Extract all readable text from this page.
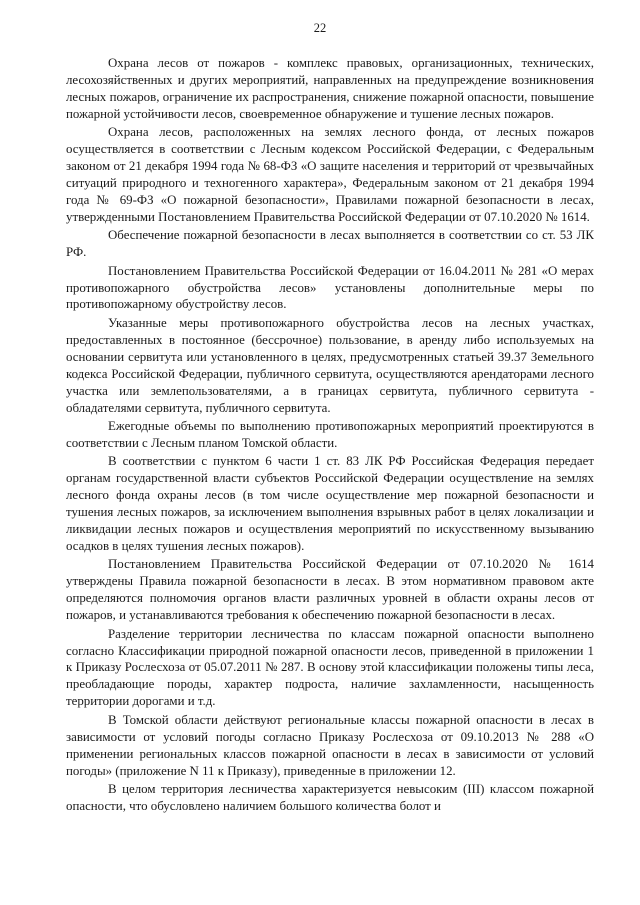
22

Охрана лесов от пожаров - комплекс правовых, организационных, технических, лесохозяйственных и других мероприятий, направленных на предупреждение возникновения лесных пожаров, ограничение их распространения, снижение пожарной опасности, повышение пожарной устойчивости лесов, своевременное обнаружение и тушение лесных пожаров.

Охрана лесов, расположенных на землях лесного фонда, от лесных пожаров осуществляется в соответствии с Лесным кодексом Российской Федерации, с Федеральным законом от 21 декабря 1994 года № 68-ФЗ «О защите населения и территорий от чрезвычайных ситуаций природного и техногенного характера», Федеральным законом от 21 декабря 1994 года № 69-ФЗ «О пожарной безопасности», Правилами пожарной безопасности в лесах, утвержденными Постановлением Правительства Российской Федерации от 07.10.2020 № 1614.

Обеспечение пожарной безопасности в лесах выполняется в соответствии со ст. 53 ЛК РФ.

Постановлением Правительства Российской Федерации от 16.04.2011 № 281 «О мерах противопожарного обустройства лесов» установлены дополнительные меры по противопожарному обустройству лесов.

Указанные меры противопожарного обустройства лесов на лесных участках, предоставленных в постоянное (бессрочное) пользование, в аренду либо используемых на основании сервитута или установленного в целях, предусмотренных статьей 39.37 Земельного кодекса Российской Федерации, публичного сервитута, осуществляются арендаторами лесного участка или землепользователями, а в границах сервитута, публичного сервитута - обладателями сервитута, публичного сервитута.

Ежегодные объемы по выполнению противопожарных мероприятий проектируются в соответствии с Лесным планом Томской области.

В соответствии с пунктом 6 части 1 ст. 83 ЛК РФ Российская Федерация передает органам государственной власти субъектов Российской Федерации осуществление на землях лесного фонда охраны лесов (в том числе осуществление мер пожарной безопасности и тушения лесных пожаров, за исключением выполнения взрывных работ в целях локализации и ликвидации лесных пожаров и осуществления мероприятий по искусственному вызыванию осадков в целях тушения лесных пожаров).

Постановлением Правительства Российской Федерации от 07.10.2020 № 1614 утверждены Правила пожарной безопасности в лесах. В этом нормативном правовом акте определяются полномочия органов власти различных уровней в области охраны лесов от пожаров, и устанавливаются требования к обеспечению пожарной безопасности в лесах.

Разделение территории лесничества по классам пожарной опасности выполнено согласно Классификации природной пожарной опасности лесов, приведенной в приложении 1 к Приказу Рослесхоза от 05.07.2011 № 287. В основу этой классификации положены типы леса, преобладающие породы, характер подроста, наличие захламленности, насыщенность территории дорогами и т.д.

В Томской области действуют региональные классы пожарной опасности в лесах в зависимости от условий погоды согласно Приказу Рослесхоза от 09.10.2013 № 288 «О применении региональных классов пожарной опасности в лесах в зависимости от условий погоды» (приложение N 11 к Приказу), приведенные в приложении 12.

В целом территория лесничества характеризуется невысоким (III) классом пожарной опасности, что обусловлено наличием большого количества болот и
